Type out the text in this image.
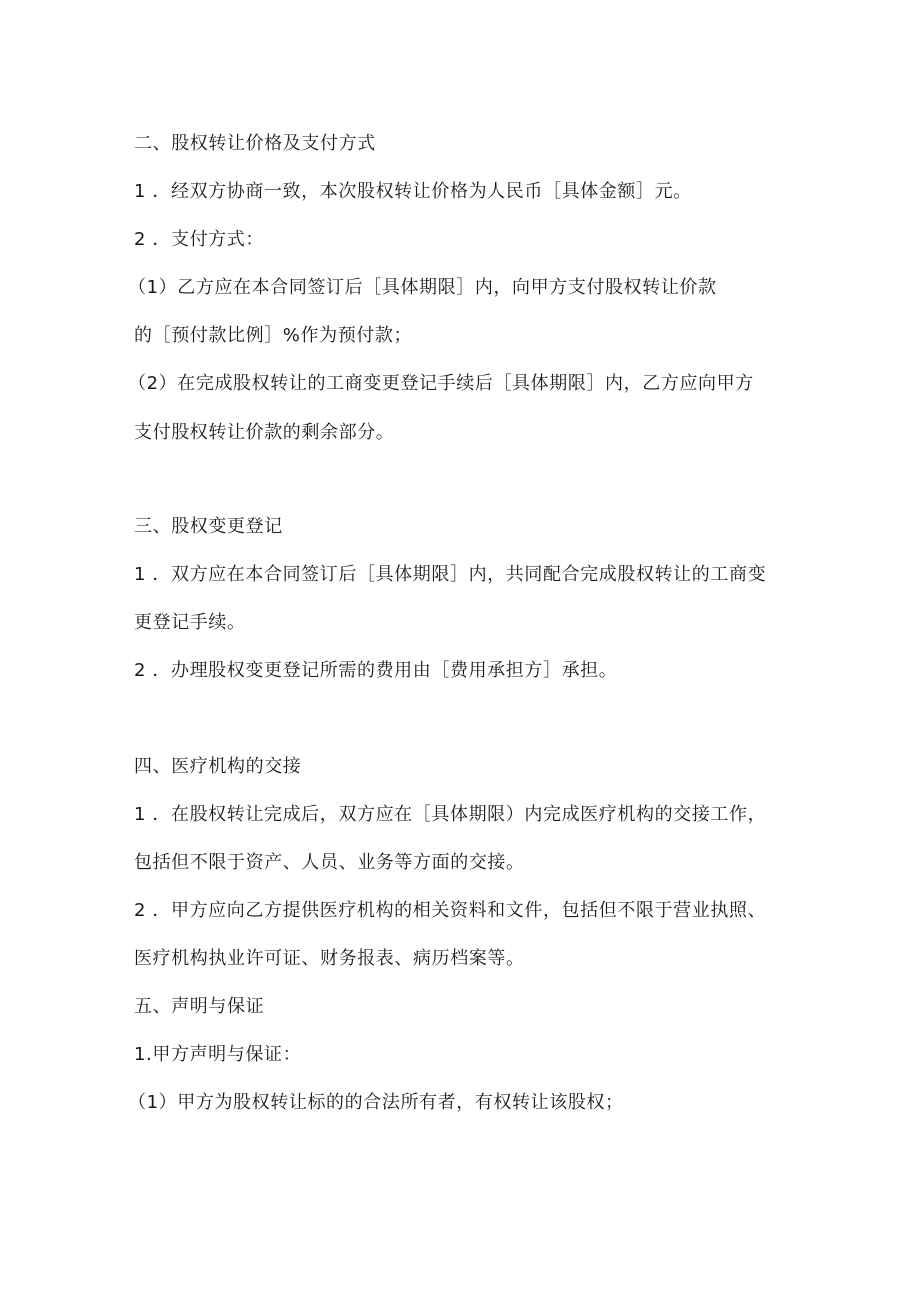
二、股权转让价格及支付方式
1 ．经双方协商一致，本次股权转让价格为人民币［具体金额］元。
2 ．支付方式：
（1）乙方应在本合同签订后［具体期限］内，向甲方支付股权转让价款
的［预付款比例］%作为预付款；
（2）在完成股权转让的工商变更登记手续后［具体期限］内，乙方应向甲方
支付股权转让价款的剩余部分。
三、股权变更登记
1 ．双方应在本合同签订后［具体期限］内，共同配合完成股权转让的工商变
更登记手续。
2 ．办理股权变更登记所需的费用由［费用承担方］承担。
四、医疗机构的交接
1 ．在股权转让完成后，双方应在［具体期限）内完成医疗机构的交接工作，
包括但不限于资产、人员、业务等方面的交接。
2 ．甲方应向乙方提供医疗机构的相关资料和文件，包括但不限于营业执照、
医疗机构执业许可证、财务报表、病历档案等。
五、声明与保证
1.甲方声明与保证：
（1）甲方为股权转让标的的合法所有者，有权转让该股权；
